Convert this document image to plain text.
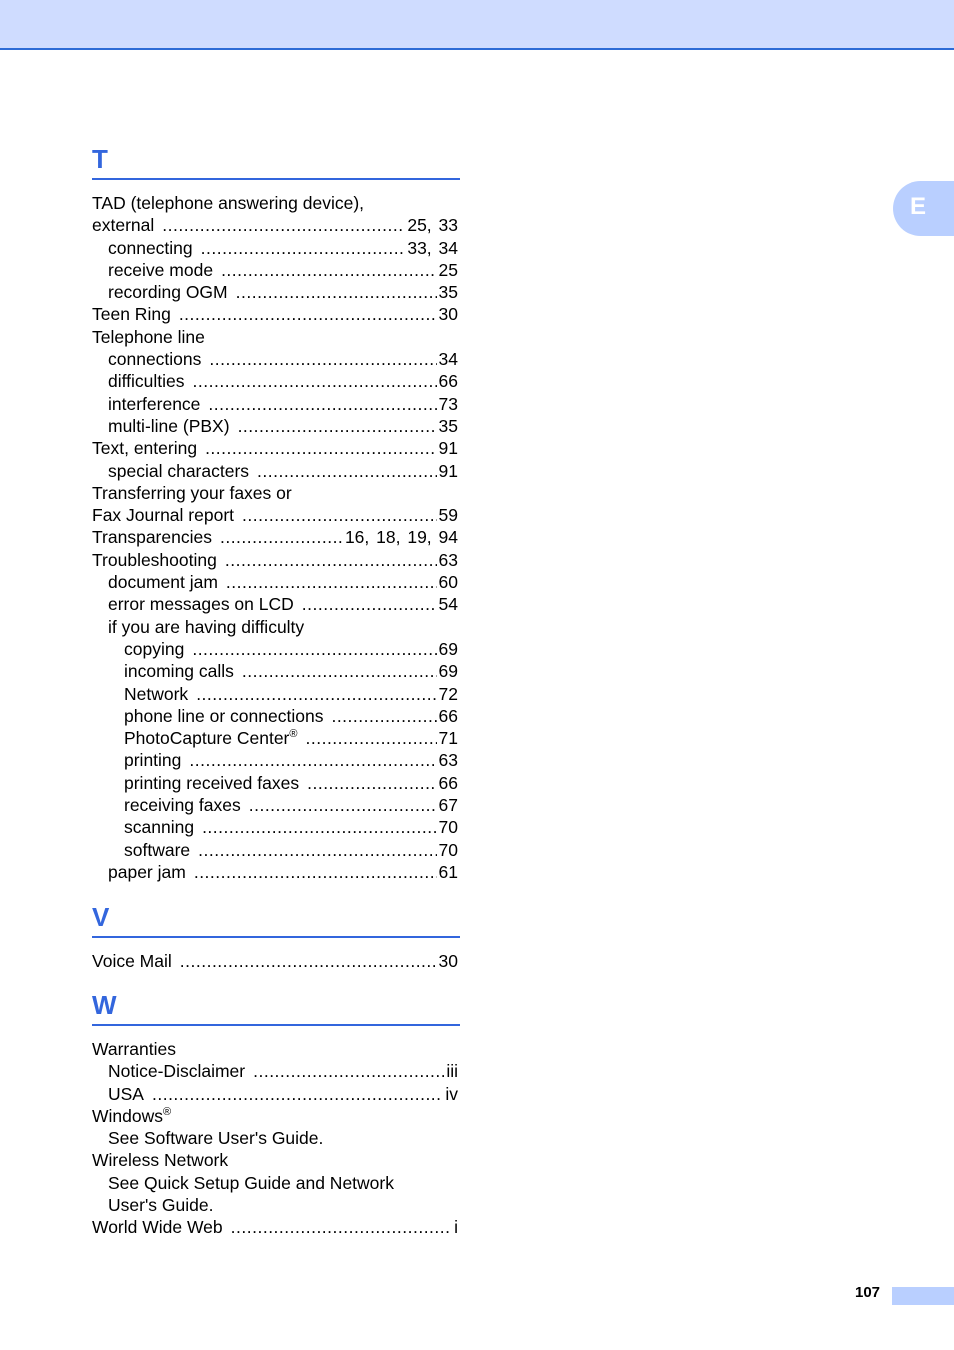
E
T
TAD (telephone answering device),
external .....	25, 33
connecting .....	33, 34
receive mode .....	25
recording OGM .....	35
Teen Ring .....	30
Telephone line
connections .....	34
difficulties .....	66
interference .....	73
multi-line (PBX) .....	35
Text, entering .....	91
special characters .....	91
Transferring your faxes or
Fax Journal report .....	59
Transparencies .....	16, 18, 19, 94
Troubleshooting .....	63
document jam .....	60
error messages on LCD .....	54
if you are having difficulty
copying .....	69
incoming calls .....	69
Network .....	72
phone line or connections .....	66
PhotoCapture Center® .....	71
printing .....	63
printing received faxes .....	66
receiving faxes .....	67
scanning .....	70
software .....	70
paper jam .....	61
V
Voice Mail .....	30
W
Warranties
Notice-Disclaimer .....	iii
USA .....	iv
Windows®
See Software User's Guide.
Wireless Network
See Quick Setup Guide and Network
User's Guide.
World Wide Web .....	i
107
